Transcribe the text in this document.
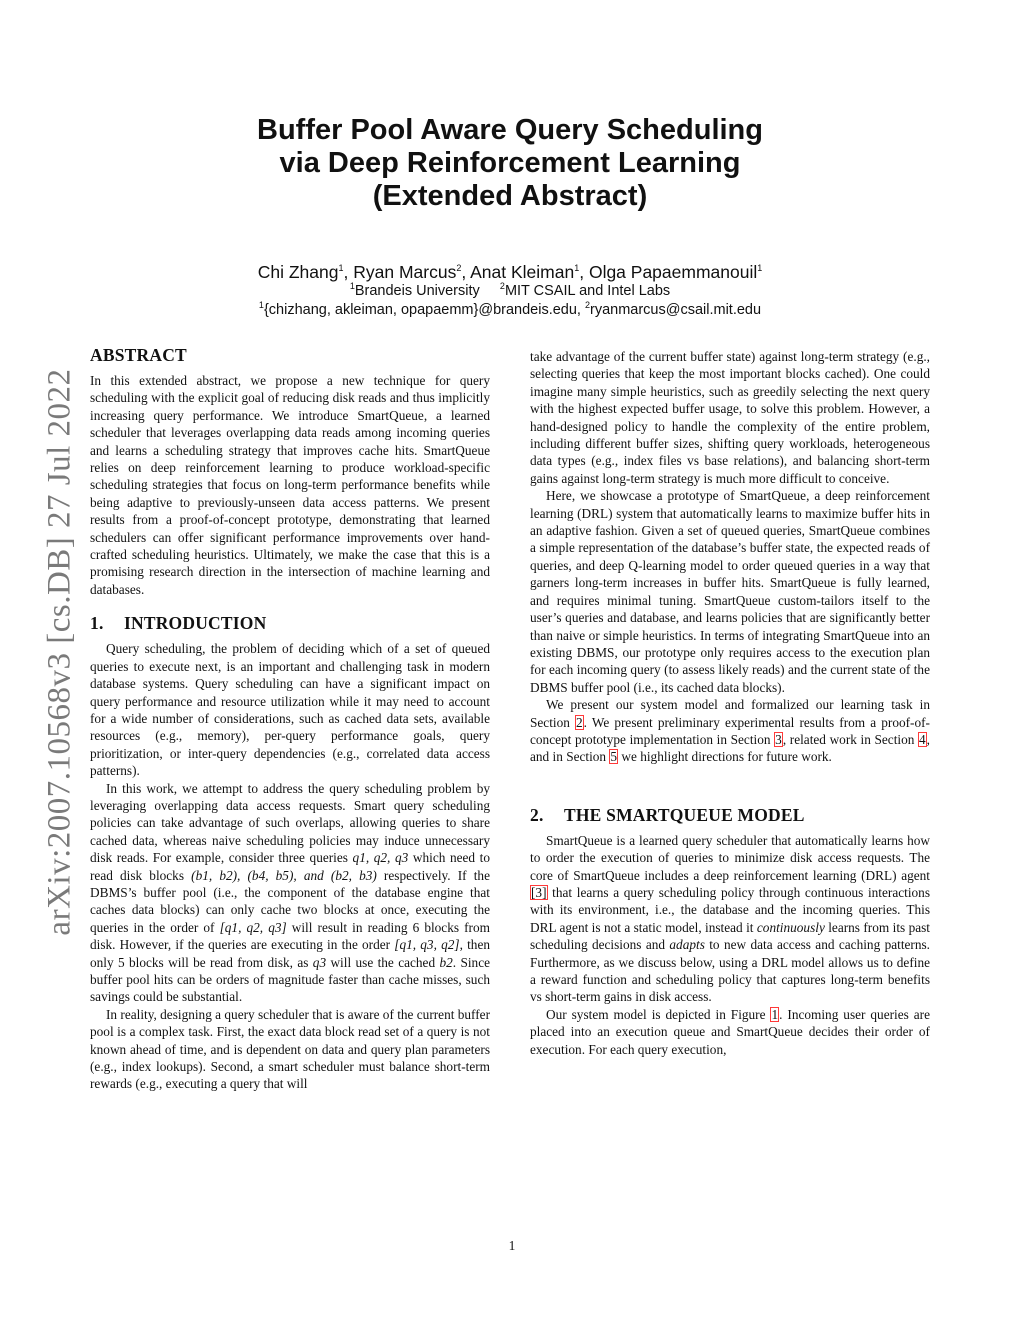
arXiv:2007.10568v3 [cs.DB] 27 Jul 2022
Buffer Pool Aware Query Scheduling
via Deep Reinforcement Learning
(Extended Abstract)
Chi Zhang$^1$, Ryan Marcus$^2$, Anat Kleiman$^1$, Olga Papaemmanouil$^1$
$^1$Brandeis University $^2$MIT CSAIL and Intel Labs
$^1${chizhang, akleiman, opapaemm}@brandeis.edu, $^2$ryanmarcus@csail.mit.edu
ABSTRACT

In this extended abstract, we propose a new technique for query scheduling with the explicit goal of reducing disk reads and thus implicitly increasing query performance. We introduce SmartQueue, a learned scheduler that leverages overlapping data reads among incoming queries and learns a scheduling strategy that improves cache hits. SmartQueue relies on deep reinforcement learning to produce workload-specific scheduling strategies that focus on long-term performance benefits while being adaptive to previously-unseen data access patterns. We present results from a proof-of-concept prototype, demonstrating that learned schedulers can offer significant performance improvements over hand-crafted scheduling heuristics. Ultimately, we make the case that this is a promising research direction in the intersection of machine learning and databases.

1. INTRODUCTION

Query scheduling, the problem of deciding which of a set of queued queries to execute next, is an important and challenging task in modern database systems. Query scheduling can have a significant impact on query performance and resource utilization while it may need to account for a wide number of considerations, such as cached data sets, available resources (e.g., memory), per-query performance goals, query prioritization, or inter-query dependencies (e.g., correlated data access patterns).

In this work, we attempt to address the query scheduling problem by leveraging overlapping data access requests. Smart query scheduling policies can take advantage of such overlaps, allowing queries to share cached data, whereas naive scheduling policies may induce unnecessary disk reads. For example, consider three queries q1, q2, q3 which need to read disk blocks (b1, b2), (b4, b5), and (b2, b3) respectively. If the DBMS’s buffer pool (i.e., the component of the database engine that caches data blocks) can only cache two blocks at once, executing the queries in the order of [q1, q2, q3] will result in reading 6 blocks from disk. However, if the queries are executing in the order [q1, q3, q2], then only 5 blocks will be read from disk, as q3 will use the cached b2. Since buffer pool hits can be orders of magnitude faster than cache misses, such savings could be substantial.

In reality, designing a query scheduler that is aware of the current buffer pool is a complex task. First, the exact data block read set of a query is not known ahead of time, and is dependent on data and query plan parameters (e.g., index lookups). Second, a smart scheduler must balance short-term rewards (e.g., executing a query that will

take advantage of the current buffer state) against long-term strategy (e.g., selecting queries that keep the most important blocks cached). One could imagine many simple heuristics, such as greedily selecting the next query with the highest expected buffer usage, to solve this problem. However, a hand-designed policy to handle the complexity of the entire problem, including different buffer sizes, shifting query workloads, heterogeneous data types (e.g., index files vs base relations), and balancing short-term gains against long-term strategy is much more difficult to conceive.

Here, we showcase a prototype of SmartQueue, a deep reinforcement learning (DRL) system that automatically learns to maximize buffer hits in an adaptive fashion. Given a set of queued queries, SmartQueue combines a simple representation of the database’s buffer state, the expected reads of queries, and deep Q-learning model to order queued queries in a way that garners long-term increases in buffer hits. SmartQueue is fully learned, and requires minimal tuning. SmartQueue custom-tailors itself to the user’s queries and database, and learns policies that are significantly better than naive or simple heuristics. In terms of integrating SmartQueue into an existing DBMS, our prototype only requires access to the execution plan for each incoming query (to assess likely reads) and the current state of the DBMS buffer pool (i.e., its cached data blocks).

We present our system model and formalized our learning task in Section 2. We present preliminary experimental results from a proof-of-concept prototype implementation in Section 3, related work in Section 4, and in Section 5 we highlight directions for future work.

2. THE SMARTQUEUE MODEL

SmartQueue is a learned query scheduler that automatically learns how to order the execution of queries to minimize disk access requests. The core of SmartQueue includes a deep reinforcement learning (DRL) agent [3] that learns a query scheduling policy through continuous interactions with its environment, i.e., the database and the incoming queries. This DRL agent is not a static model, instead it continuously learns from its past scheduling decisions and adapts to new data access and caching patterns. Furthermore, as we discuss below, using a DRL model allows us to define a reward function and scheduling policy that captures long-term benefits vs short-term gains in disk access.

Our system model is depicted in Figure 1. Incoming user queries are placed into an execution queue and SmartQueue decides their order of execution. For each query execution,

1
